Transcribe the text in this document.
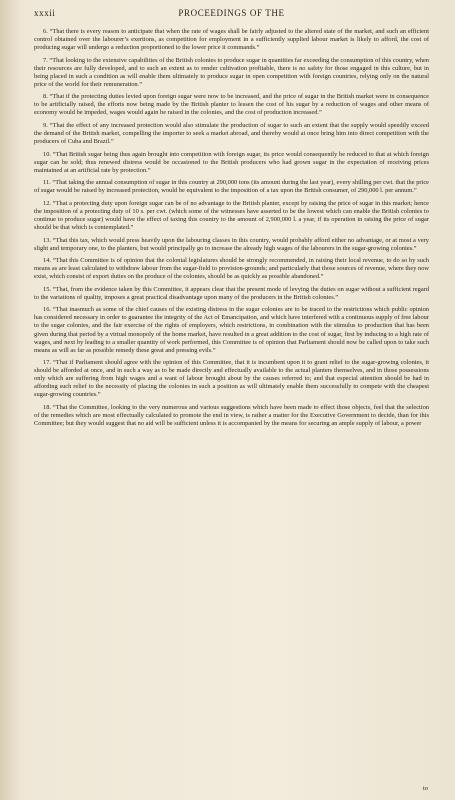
xxxii	PROCEEDINGS OF THE

6. “That there is every reason to anticipate that when the rate of wages shall be fairly adjusted to the altered state of the market, and such an efficient control obtained over the labourer’s exertions, as competition for employment in a sufficiently supplied labour market is likely to afford, the cost of producing sugar will undergo a reduction proportioned to the lower price it commands.”

7. “That looking to the extensive capabilities of the British colonies to produce sugar in quantities far exceeding the consumption of this country, when their resources are fully developed, and to such an extent as to render cultivation profitable, there is no safety for those engaged in this culture, but in being placed in such a condition as will enable them ultimately to produce sugar in open competition with foreign countries, relying only on the natural price of the world for their remuneration.”

8. “That if the protecting duties levied upon foreign sugar were now to be increased, and the price of sugar in the British market were in consequence to be artificially raised, the efforts now being made by the British planter to lessen the cost of his sugar by a reduction of wages and other means of economy would be impeded, wages would again be raised in the colonies, and the cost of production increased.”

9. “That the effect of any increased protection would also stimulate the production of sugar to such an extent that the supply would speedily exceed the demand of the British market, compelling the importer to seek a market abroad, and thereby would at once bring him into direct competition with the producers of Cuba and Brazil.”

10. “That British sugar being thus again brought into competition with foreign sugar, its price would consequently be reduced to that at which foreign sugar can be sold; thus renewed distress would be occasioned to the British producers who had grown sugar in the expectation of receiving prices maintained at an artificial rate by protection.”

11. “That taking the annual consumption of sugar in this country at 290,000 tons (its amount during the last year), every shilling per cwt. that the price of sugar would be raised by increased protection, would be equivalent to the imposition of a tax upon the British consumer, of 290,000 l. per annum.”

12. “That a protecting duty upon foreign sugar can be of no advantage to the British planter, except by raising the price of sugar in this market; hence the imposition of a protecting duty of 10 s. per cwt. (which some of the witnesses have asserted to be the lowest which can enable the British colonies to continue to produce sugar) would have the effect of taxing this country to the amount of 2,900,000 l. a year, if its operation in raising the price of sugar should be that which is contemplated.”

13. “That this tax, which would press heavily upon the labouring classes in this country, would probably afford either no advantage, or at most a very slight and temporary one, to the planters, but would principally go to increase the already high wages of the labourers in the sugar-growing colonies.”

14. “That this Committee is of opinion that the colonial legislatures should be strongly recommended, in raising their local revenue, to do so by such means as are least calculated to withdraw labour from the sugar-field to provision-grounds; and particularly that those sources of revenue, where they now exist, which consist of export duties on the produce of the colonies, should be as quickly as possible abandoned.”

15. “That, from the evidence taken by this Committee, it appears clear that the present mode of levying the duties on sugar without a sufficient regard to the variations of quality, imposes a great practical disadvantage upon many of the producers in the British colonies.”

16. “That inasmuch as some of the chief causes of the existing distress in the sugar colonies are to be traced to the restrictions which public opinion has considered necessary in order to guarantee the integrity of the Act of Emancipation, and which have interfered with a continuous supply of free labour to the sugar colonies, and the fair exercise of the rights of employers, which restrictions, in combination with the stimulus to production that has been given during that period by a virtual monopoly of the home market, have resulted in a great addition to the cost of sugar, first by inducing to a high rate of wages, and next by leading to a smaller quantity of work performed, this Committee is of opinion that Parliament should now be called upon to take such means as will as far as possible remedy these great and pressing evils.”

17. “That if Parliament should agree with the opinion of this Committee, that it is incumbent upon it to grant relief to the sugar-growing colonies, it should be afforded at once, and in such a way as to be made directly and effectually available to the actual planters themselves, and in those possessions only which are suffering from high wages and a want of labour brought about by the causes referred to; and that especial attention should be had in affording such relief to the necessity of placing the colonies in such a position as will ultimately enable them successfully to compete with the cheapest sugar-growing countries.”

18. “That the Committee, looking to the very numerous and various suggestions which have been made to effect those objects, feel that the selection of the remedies which are most effectually calculated to promote the end in view, is rather a matter for the Executive Government to decide, than for this Committee; but they would suggest that no aid will be sufficient unless it is accompanied by the means for securing an ample supply of labour, a power

to
